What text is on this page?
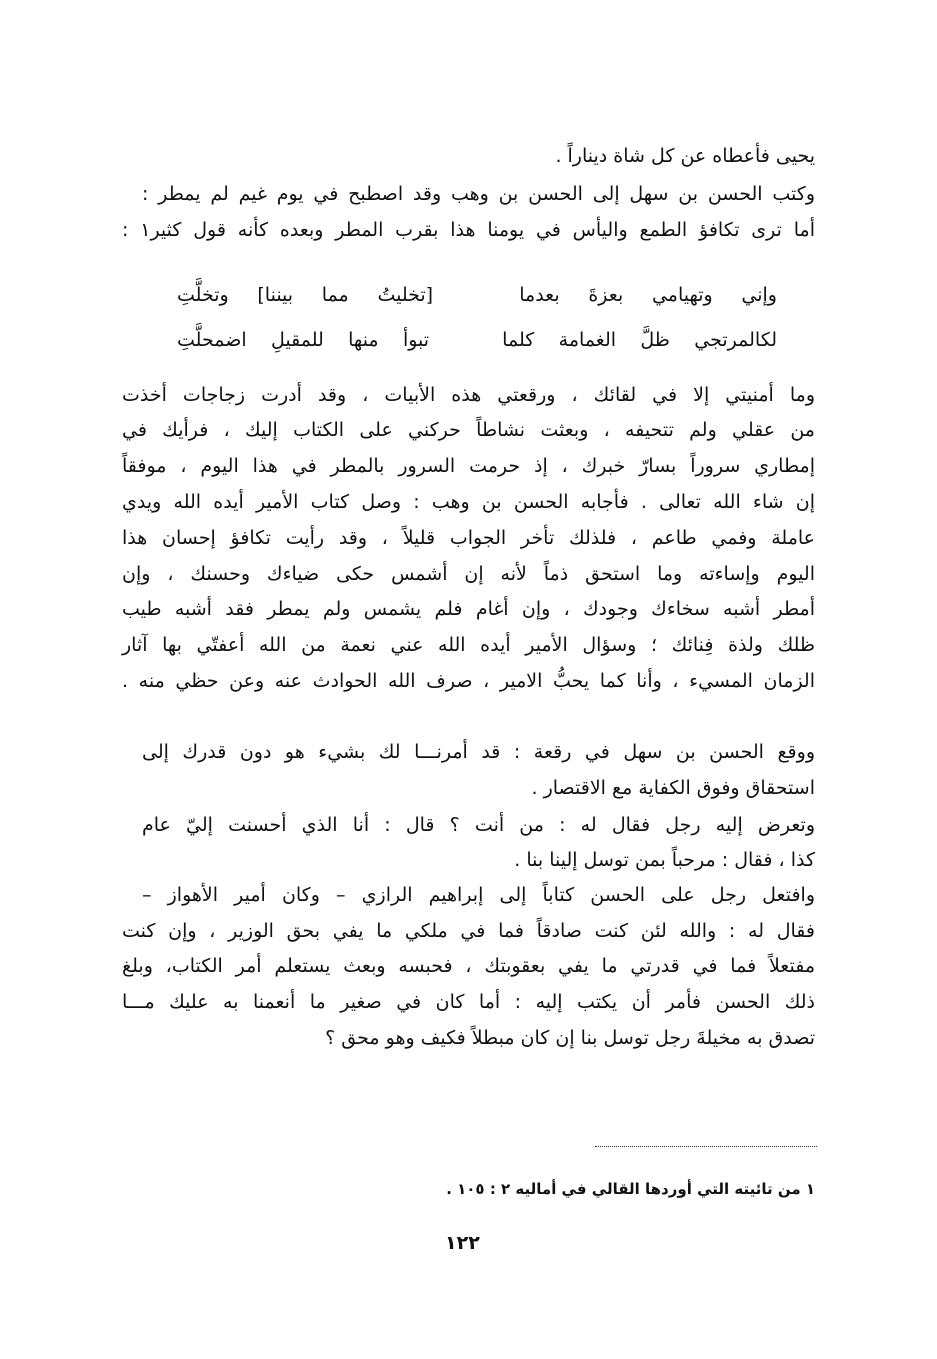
يحيى فأعطاه عن كل شاة ديناراً .
وكتب الحسن بن سهل إلى الحسن بن وهب وقد اصطبح في يوم غيم لم يمطر :
أما ترى تكافؤ الطمع واليأس في يومنا هذا بقرب المطر وبعده كأنه قول كثير١ :
وإني وتهيامي بعزةَ بعدما   [تخليتُ مما بيننا] وتخلَّتِ
لكالمرتجي ظلَّ الغمامة كلما   تبوأ منها للمقيلِ اضمحلَّتِ
وما أمنيتي إلا في لقائك ، ورقعتي هذه الأبيات ، وقد أدرت زجاجات أخذت
من عقلي ولم تتحيفه ، وبعثت نشاطاً حركني على الكتاب إليك ، فرأيك في
إمطاري سروراً بسارّ خبرك ، إذ حرمت السرور بالمطر في هذا اليوم ، موفقاً
إن شاء الله تعالى . فأجابه الحسن بن وهب : وصل كتاب الأمير أيده الله ويدي
عاملة وفمي طاعم ، فلذلك تأخر الجواب قليلاً ، وقد رأيت تكافؤ إحسان هذا
اليوم وإساءته وما استحق ذماً لأنه إن أشمس حكى ضياءك وحسنك ، وإن
أمطر أشبه سخاءك وجودك ، وإن أغام فلم يشمس ولم يمطر فقد أشبه طيب
ظلك ولذة فِنائك ؛ وسؤال الأمير أيده الله عني نعمة من الله أعفتّي بها آثار
الزمان المسيء ، وأنا كما يحبُّ الامير ، صرف الله الحوادث عنه وعن حظي منه .
ووقع الحسن بن سهل في رقعة : قد أمرنـــا لك بشيء هو دون قدرك إلى
استحقاق وفوق الكفاية مع الاقتصار .
وتعرض إليه رجل فقال له : من أنت ؟ قال : أنا الذي أحسنت إليّ عام
كذا ، فقال : مرحباً بمن توسل إلينا بنا .
وافتعل رجل على الحسن كتاباً إلى إبراهيم الرازي – وكان أمير الأهواز –
فقال له : والله لئن كنت صادقاً فما في ملكي ما يفي بحق الوزير ، وإن كنت
مفتعلاً فما في قدرتي ما يفي بعقوبتك ، فحبسه وبعث يستعلم أمر الكتاب، وبلغ
ذلك الحسن فأمر أن يكتب إليه : أما كان في صغير ما أنعمنا به عليك مـــا
تصدق به مخيلةَ رجل توسل بنا إن كان مبطلاً فكيف وهو محق ؟
١ من تائيته التي أوردها القالي في أماليه ٢ : ١٠٥ .
١٢٢
